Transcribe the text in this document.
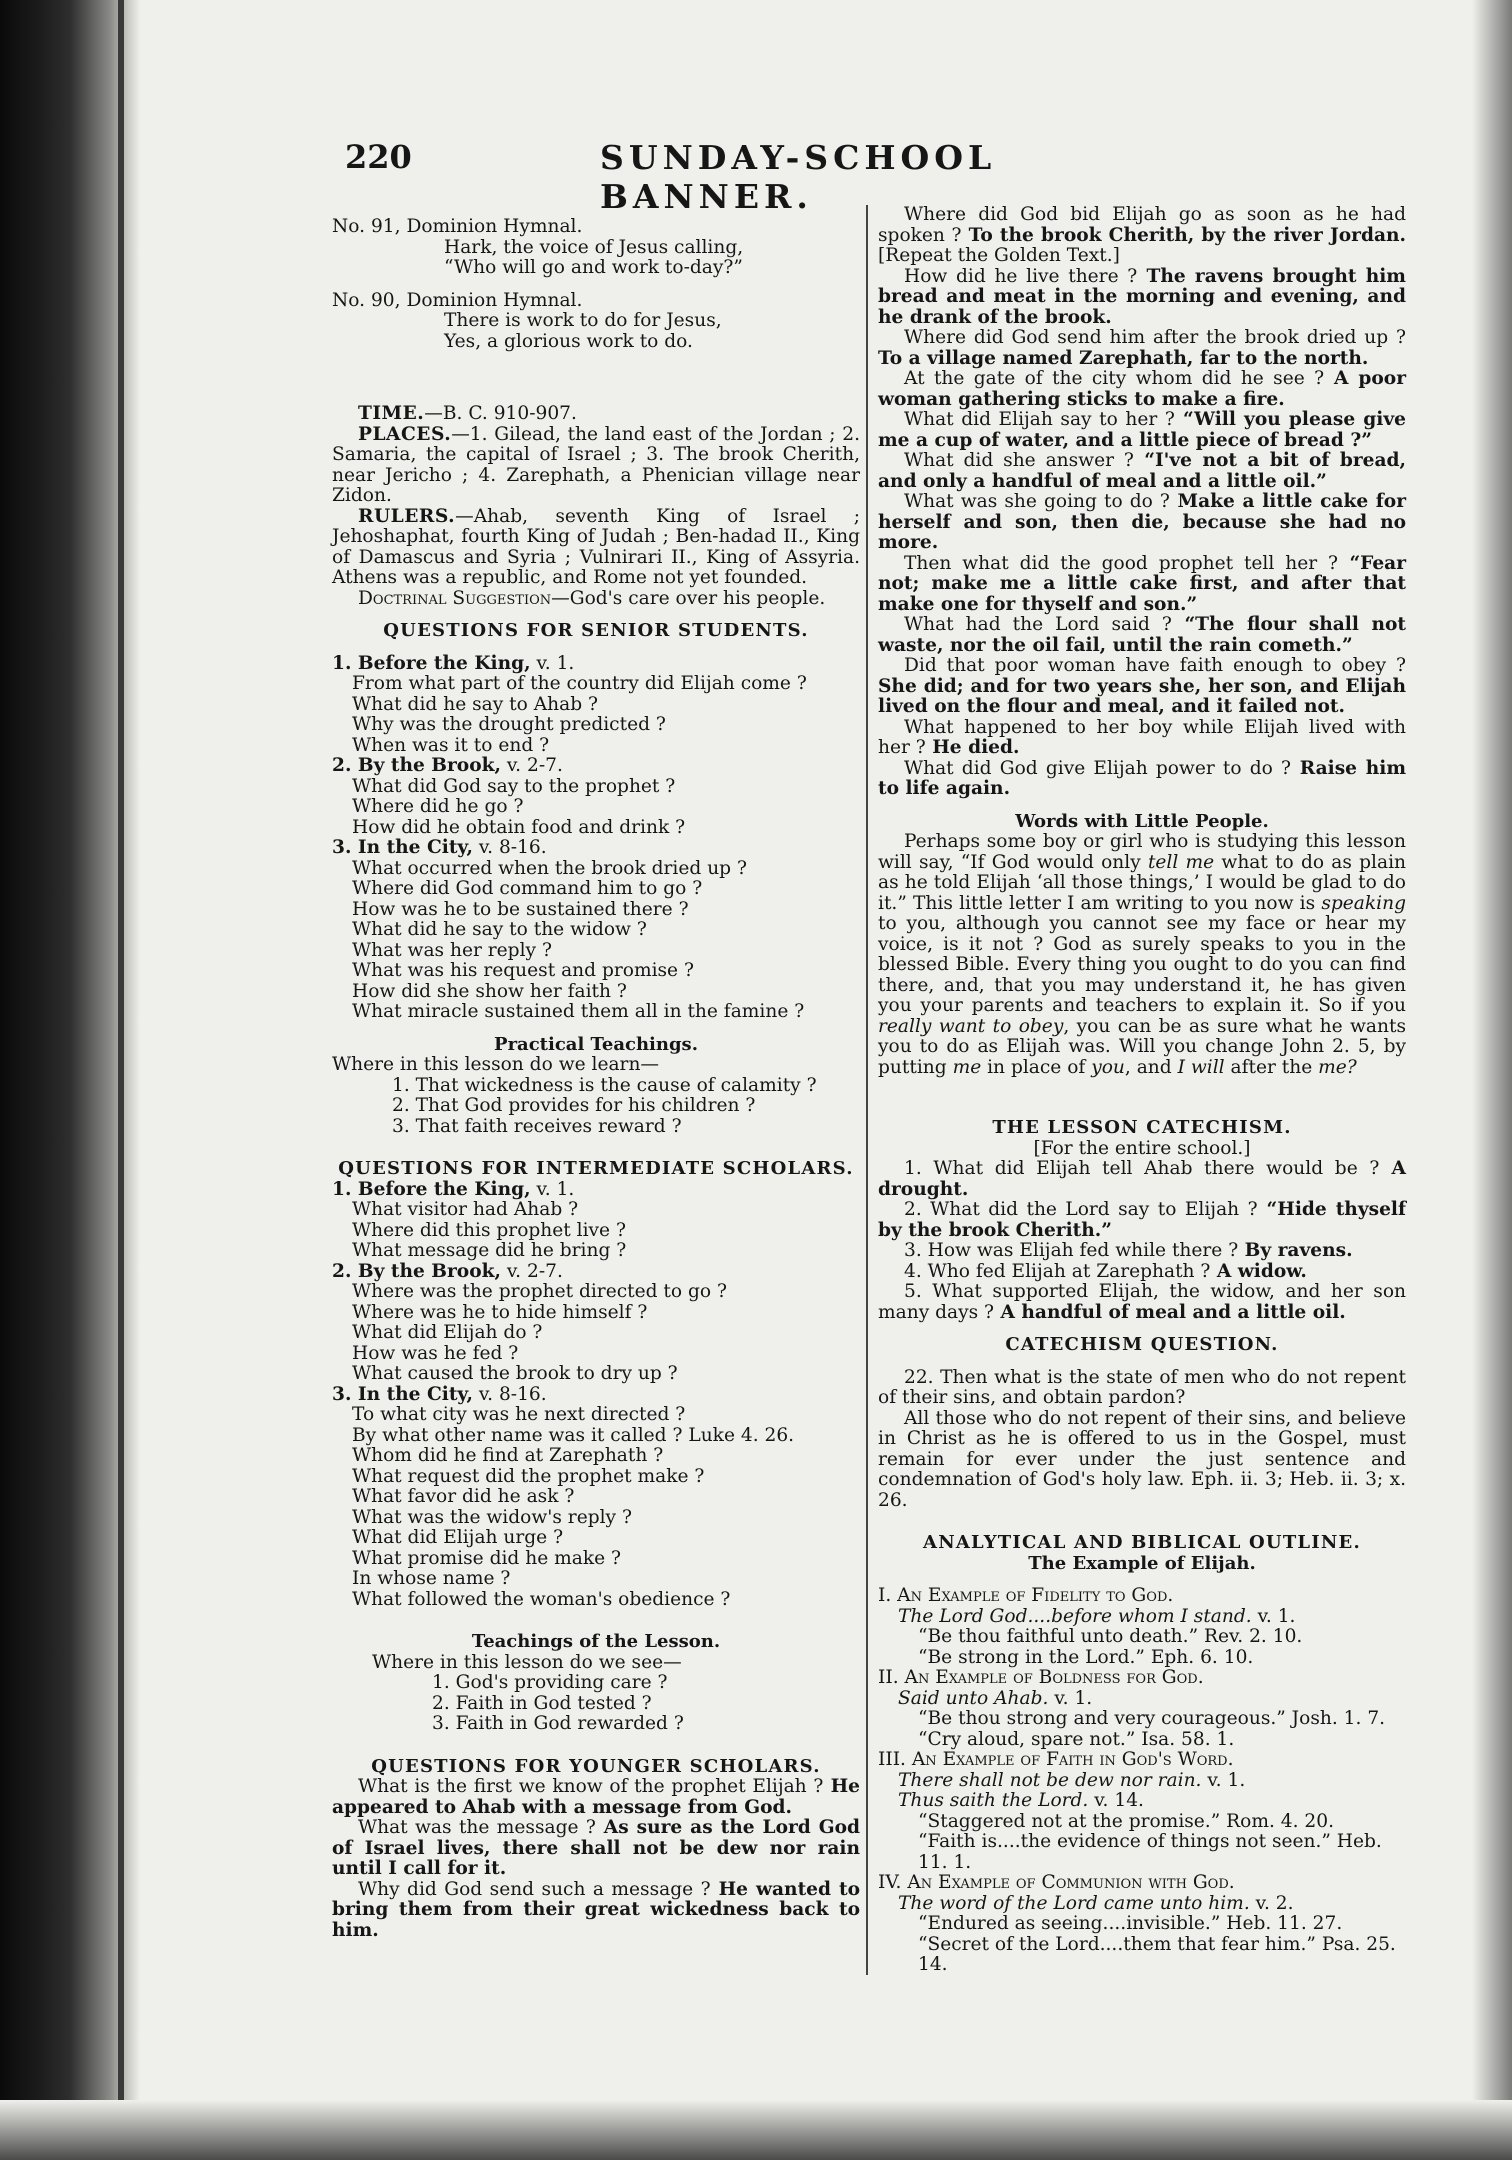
220	SUNDAY-SCHOOL BANNER.

No. 91, Dominion Hymnal.

Hark, the voice of Jesus calling,

“Who will go and work to-day?”

No. 90, Dominion Hymnal.

There is work to do for Jesus,

Yes, a glorious work to do.

TIME.—B. C. 910-907.

PLACES.—1. Gilead, the land east of the Jordan ; 2. Samaria, the capital of Israel ; 3. The brook Cherith, near Jericho ; 4. Zarephath, a Phenician village near Zidon.

RULERS.—Ahab, seventh King of Israel ; Jehoshaphat, fourth King of Judah ; Ben-hadad II., King of Damascus and Syria ; Vulnirari II., King of Assyria. Athens was a republic, and Rome not yet founded.

Doctrinal Suggestion—God's care over his people.

QUESTIONS FOR SENIOR STUDENTS.

1. Before the King, v. 1.

From what part of the country did Elijah come ?

What did he say to Ahab ?

Why was the drought predicted ?

When was it to end ?

2. By the Brook, v. 2-7.

What did God say to the prophet ?

Where did he go ?

How did he obtain food and drink ?

3. In the City, v. 8-16.

What occurred when the brook dried up ?

Where did God command him to go ?

How was he to be sustained there ?

What did he say to the widow ?

What was her reply ?

What was his request and promise ?

How did she show her faith ?

What miracle sustained them all in the famine ?

Practical Teachings.

Where in this lesson do we learn—

1. That wickedness is the cause of calamity ?

2. That God provides for his children ?

3. That faith receives reward ?

QUESTIONS FOR INTERMEDIATE SCHOLARS.

1. Before the King, v. 1.

What visitor had Ahab ?

Where did this prophet live ?

What message did he bring ?

2. By the Brook, v. 2-7.

Where was the prophet directed to go ?

Where was he to hide himself ?

What did Elijah do ?

How was he fed ?

What caused the brook to dry up ?

3. In the City, v. 8-16.

To what city was he next directed ?

By what other name was it called ? Luke 4. 26.

Whom did he find at Zarephath ?

What request did the prophet make ?

What favor did he ask ?

What was the widow's reply ?

What did Elijah urge ?

What promise did he make ?

In whose name ?

What followed the woman's obedience ?

Teachings of the Lesson.

Where in this lesson do we see—

1. God's providing care ?

2. Faith in God tested ?

3. Faith in God rewarded ?

QUESTIONS FOR YOUNGER SCHOLARS.

What is the first we know of the prophet Elijah ? He appeared to Ahab with a message from God.

What was the message ? As sure as the Lord God of Israel lives, there shall not be dew nor rain until I call for it.

Why did God send such a message ? He wanted to bring them from their great wickedness back to him.

Where did God bid Elijah go as soon as he had spoken ? To the brook Cherith, by the river Jordan. [Repeat the Golden Text.]

How did he live there ? The ravens brought him bread and meat in the morning and evening, and he drank of the brook.

Where did God send him after the brook dried up ? To a village named Zarephath, far to the north.

At the gate of the city whom did he see ? A poor woman gathering sticks to make a fire.

What did Elijah say to her ? “Will you please give me a cup of water, and a little piece of bread ?”

What did she answer ? “I've not a bit of bread, and only a handful of meal and a little oil.”

What was she going to do ? Make a little cake for herself and son, then die, because she had no more.

Then what did the good prophet tell her ? “Fear not; make me a little cake first, and after that make one for thyself and son.”

What had the Lord said ? “The flour shall not waste, nor the oil fail, until the rain cometh.”

Did that poor woman have faith enough to obey ? She did; and for two years she, her son, and Elijah lived on the flour and meal, and it failed not.

What happened to her boy while Elijah lived with her ? He died.

What did God give Elijah power to do ? Raise him to life again.

Words with Little People.

Perhaps some boy or girl who is studying this lesson will say, “If God would only tell me what to do as plain as he told Elijah ‘all those things,’ I would be glad to do it.” This little letter I am writing to you now is speaking to you, although you cannot see my face or hear my voice, is it not ? God as surely speaks to you in the blessed Bible. Every thing you ought to do you can find there, and, that you may understand it, he has given you your parents and teachers to explain it. So if you really want to obey, you can be as sure what he wants you to do as Elijah was. Will you change John 2. 5, by putting me in place of you, and I will after the me?

THE LESSON CATECHISM.

[For the entire school.]

1. What did Elijah tell Ahab there would be ? A drought.

2. What did the Lord say to Elijah ? “Hide thyself by the brook Cherith.”

3. How was Elijah fed while there ? By ravens.

4. Who fed Elijah at Zarephath ? A widow.

5. What supported Elijah, the widow, and her son many days ? A handful of meal and a little oil.

CATECHISM QUESTION.

22. Then what is the state of men who do not repent of their sins, and obtain pardon?

All those who do not repent of their sins, and believe in Christ as he is offered to us in the Gospel, must remain for ever under the just sentence and condemnation of God's holy law. Eph. ii. 3; Heb. ii. 3; x. 26.

ANALYTICAL AND BIBLICAL OUTLINE.

The Example of Elijah.

I. An Example of Fidelity to God.

The Lord God....before whom I stand. v. 1.

“Be thou faithful unto death.” Rev. 2. 10.

“Be strong in the Lord.” Eph. 6. 10.

II. An Example of Boldness for God.

Said unto Ahab. v. 1.

“Be thou strong and very courageous.” Josh. 1. 7.

“Cry aloud, spare not.” Isa. 58. 1.

III. An Example of Faith in God's Word.

There shall not be dew nor rain. v. 1.

Thus saith the Lord. v. 14.

“Staggered not at the promise.” Rom. 4. 20.

“Faith is....the evidence of things not seen.” Heb. 11. 1.

IV. An Example of Communion with God.

The word of the Lord came unto him. v. 2.

“Endured as seeing....invisible.” Heb. 11. 27.

“Secret of the Lord....them that fear him.” Psa. 25. 14.
